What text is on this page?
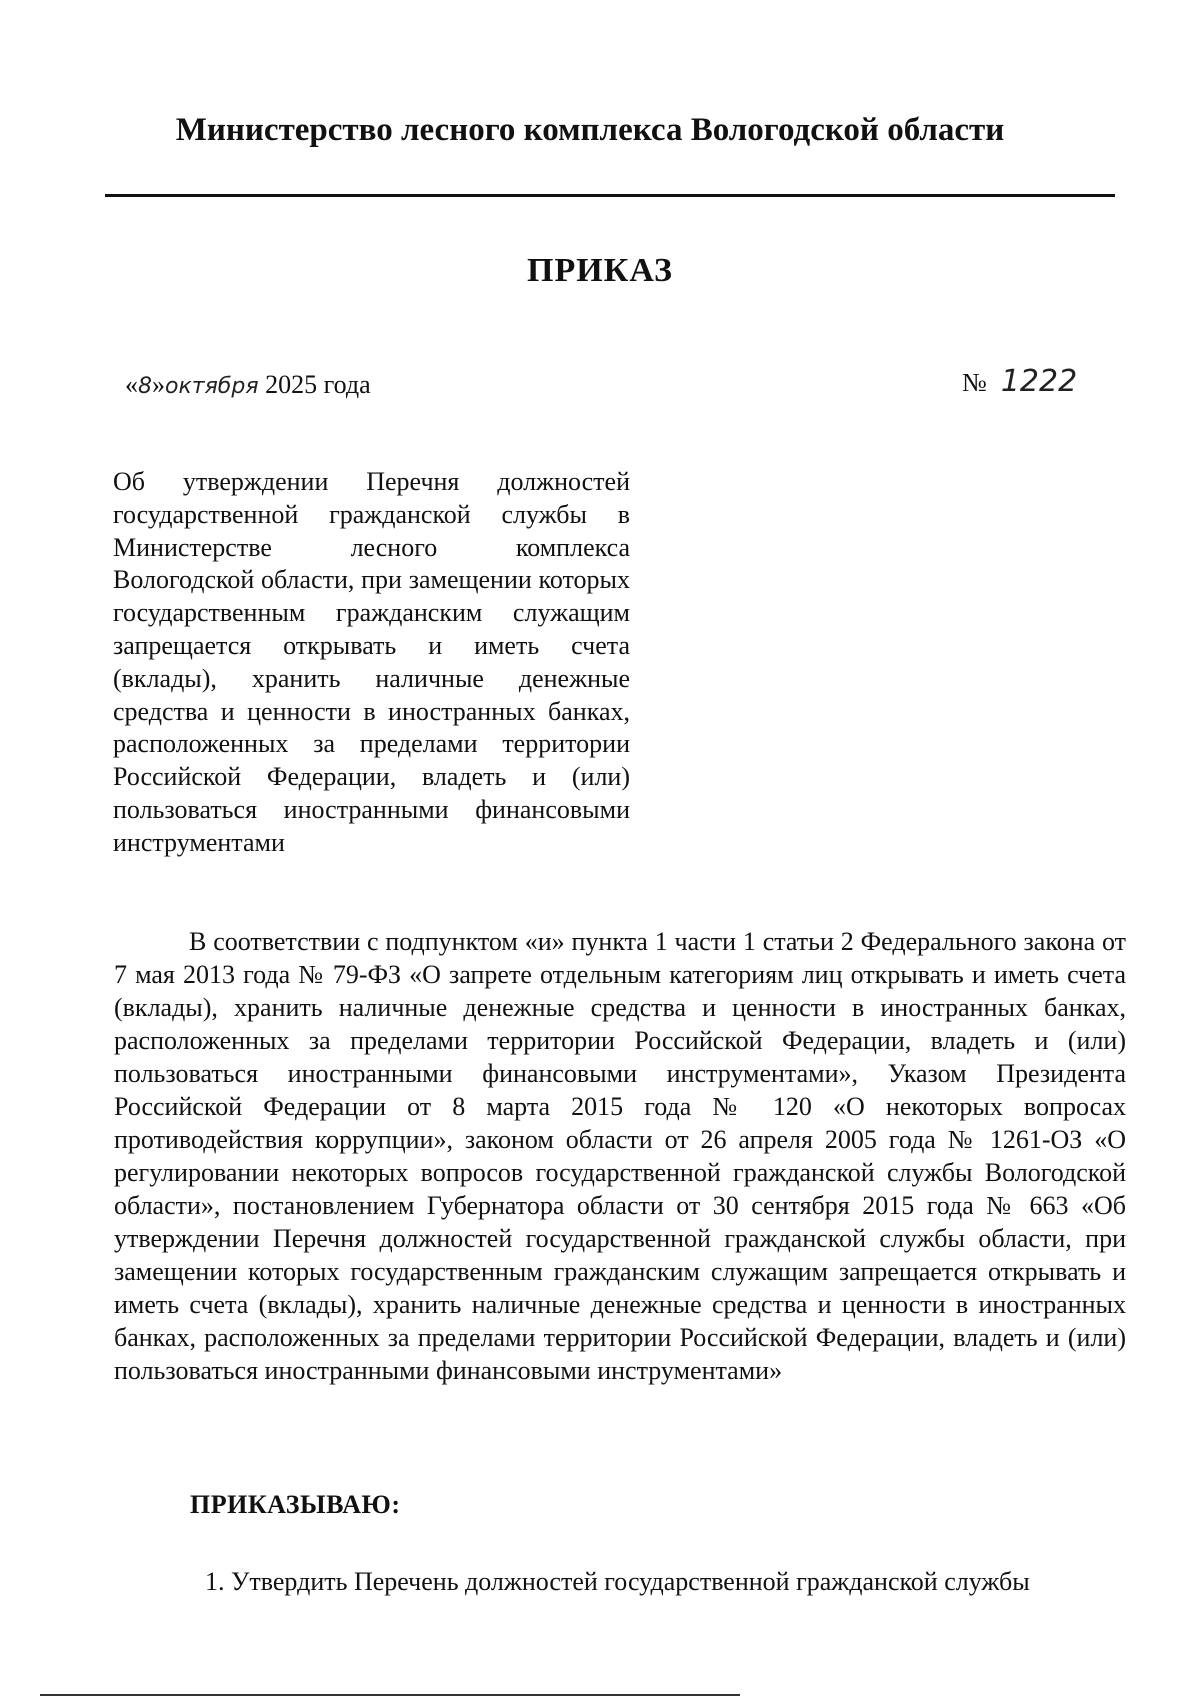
Министерство лесного комплекса Вологодской области
ПРИКАЗ
«8»октября 2025 года	№ 1222
Об утверждении Перечня должностей государственной гражданской службы в Министерстве лесного комплекса Вологодской области, при замещении которых государственным гражданским служащим запрещается открывать и иметь счета (вклады), хранить наличные денежные средства и ценности в иностранных банках, расположенных за пределами территории Российской Федерации, владеть и (или) пользоваться иностранными финансовыми инструментами
В соответствии с подпунктом «и» пункта 1 части 1 статьи 2 Федерального закона от 7 мая 2013 года № 79-ФЗ «О запрете отдельным категориям лиц открывать и иметь счета (вклады), хранить наличные денежные средства и ценности в иностранных банках, расположенных за пределами территории Российской Федерации, владеть и (или) пользоваться иностранными финансовыми инструментами», Указом Президента Российской Федерации от 8 марта 2015 года № 120 «О некоторых вопросах противодействия коррупции», законом области от 26 апреля 2005 года № 1261-ОЗ «О регулировании некоторых вопросов государственной гражданской службы Вологодской области», постановлением Губернатора области от 30 сентября 2015 года № 663 «Об утверждении Перечня должностей государственной гражданской службы области, при замещении которых государственным гражданским служащим запрещается открывать и иметь счета (вклады), хранить наличные денежные средства и ценности в иностранных банках, расположенных за пределами территории Российской Федерации, владеть и (или) пользоваться иностранными финансовыми инструментами»
ПРИКАЗЫВАЮ:
1. Утвердить Перечень должностей государственной гражданской службы
